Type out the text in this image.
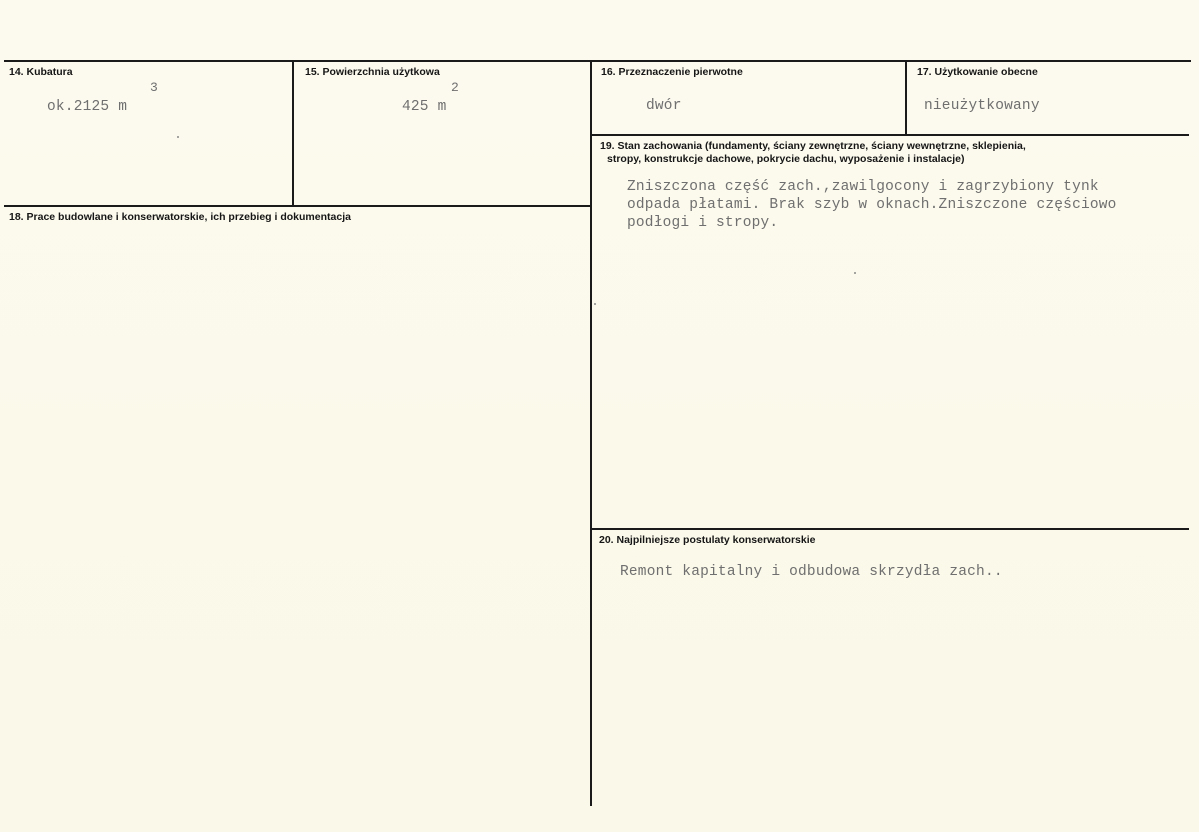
14. Kubatura
3
ok.2125 m
15. Powierzchnia użytkowa
2
425 m
16. Przeznaczenie pierwotne
dwór
17. Użytkowanie obecne
nieużytkowany
18. Prace budowlane i konserwatorskie, ich przebieg i dokumentacja
19. Stan zachowania (fundamenty, ściany zewnętrzne, ściany wewnętrzne, sklepienia,
stropy, konstrukcje dachowe, pokrycie dachu, wyposażenie i instalacje)
Zniszczona część zach.,zawilgocony i zagrzybiony tynk
odpada płatami. Brak szyb w oknach.Zniszczone częściowo
podłogi i stropy.
20. Najpilniejsze postulaty konserwatorskie
Remont kapitalny i odbudowa skrzydła zach..
